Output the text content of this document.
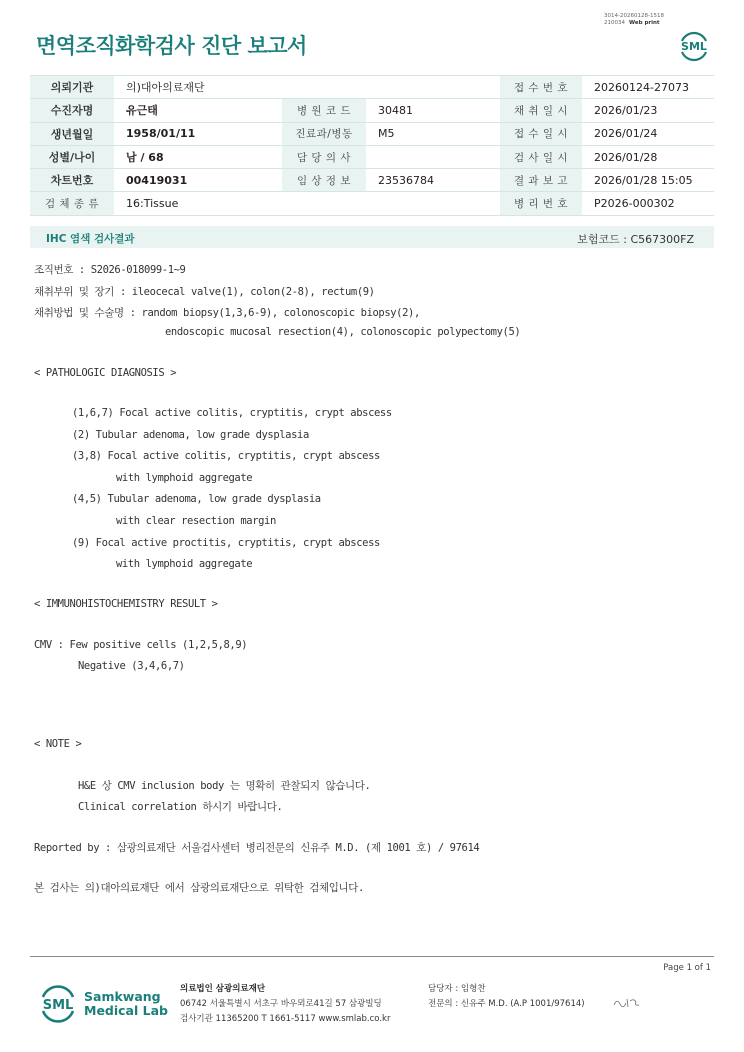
3014-20260128-1518
210034 Web print
면역조직화학검사 진단 보고서	SML
의뢰기관	의)대아의료재단			접 수 번 호	20260124-27073
수진자명	유근태	병 원 코 드	30481	채 취 일 시	2026/01/23
생년월일	1958/01/11	진료과/병동	M5	접 수 일 시	2026/01/24
성별/나이	남 / 68	담 당 의 사		검 사 일 시	2026/01/28
차트번호	00419031	임 상 정 보	23536784	결 과 보 고	2026/01/28 15:05
검 체 종 류	16:Tissue			병 리 번 호	P2026-000302
IHC 염색 검사결과	보험코드 : C567300FZ
조직번호 : S2026-018099-1~9
채취부위 및 장기 : ileocecal valve(1), colon(2-8), rectum(9)
채취방법 및 수술명 : random biopsy(1,3,6-9), colonoscopic biopsy(2),
endoscopic mucosal resection(4), colonoscopic polypectomy(5)
< PATHOLOGIC DIAGNOSIS >
(1,6,7) Focal active colitis, cryptitis, crypt abscess
(2) Tubular adenoma, low grade dysplasia
(3,8) Focal active colitis, cryptitis, crypt abscess
with lymphoid aggregate
(4,5) Tubular adenoma, low grade dysplasia
with clear resection margin
(9) Focal active proctitis, cryptitis, crypt abscess
with lymphoid aggregate
< IMMUNOHISTOCHEMISTRY RESULT >
CMV : Few positive cells (1,2,5,8,9)
Negative (3,4,6,7)
< NOTE >
H&E 상 CMV inclusion body 는 명확히 관찰되지 않습니다.
Clinical correlation 하시기 바랍니다.
Reported by : 삼광의료재단 서울검사센터 병리전문의 신유주 M.D. (제 1001 호) / 97614
본 검사는 의)대아의료재단 에서 삼광의료재단으로 위탁한 검체입니다.
Page 1 of 1
SML
Samkwang
Medical Lab
의료법인 삼광의료재단
06742 서울특별시 서초구 바우뫼로41길 57 삼광빌딩
검사기관 11365200 T 1661-5117 www.smlab.co.kr
담당자 : 임형찬
전문의 : 신유주 M.D. (A.P 1001/97614)
